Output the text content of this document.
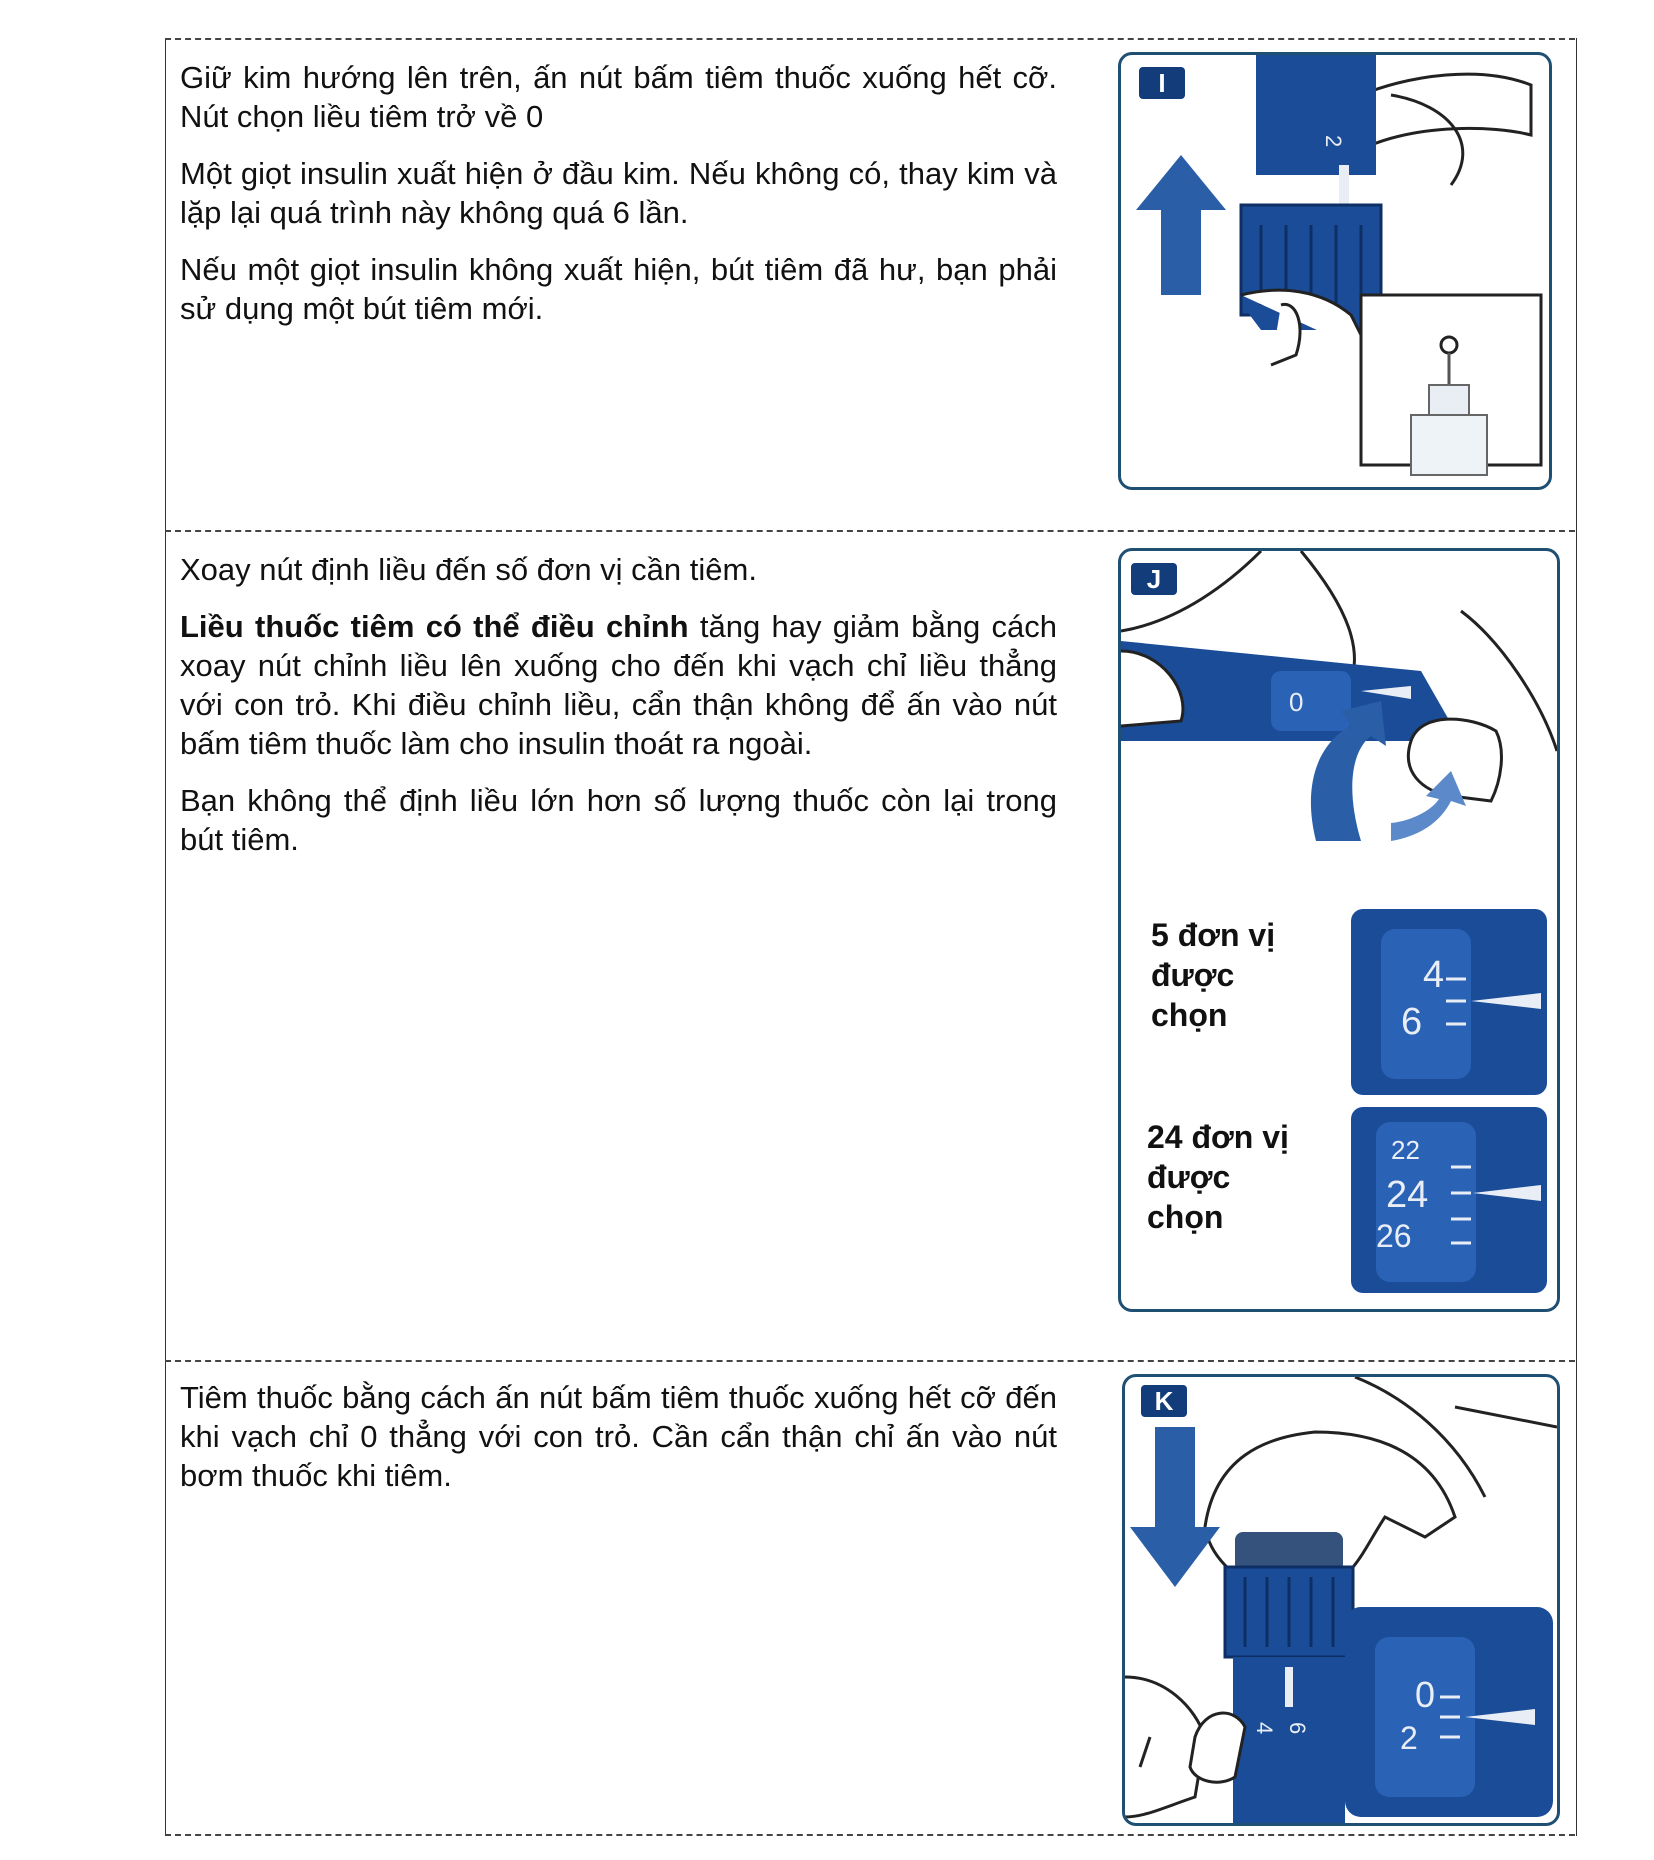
Giữ kim hướng lên trên, ấn nút bấm tiêm thuốc xuống hết cỡ. Nút chọn liều tiêm trở về 0

Một giọt insulin xuất hiện ở đầu kim. Nếu không có, thay kim và lặp lại quá trình này không quá 6 lần.

Nếu một giọt insulin không xuất hiện, bút tiêm đã hư, bạn phải sử dụng một bút tiêm mới.

I
2

Xoay nút định liều đến số đơn vị cần tiêm.

Liều thuốc tiêm có thể điều chỉnh tăng hay giảm bằng cách xoay nút chỉnh liều lên xuống cho đến khi vạch chỉ liều thẳng với con trỏ. Khi điều chỉnh liều, cẩn thận không để ấn vào nút bấm tiêm thuốc làm cho insulin thoát ra ngoài.

Bạn không thể định liều lớn hơn số lượng thuốc còn lại trong bút tiêm.

J
0
5 đơn vị
được
chọn
4
6
24 đơn vị
được
chọn
22
24
26

Tiêm thuốc bằng cách ấn nút bấm tiêm thuốc xuống hết cỡ đến khi vạch chỉ 0 thẳng với con trỏ. Cần cẩn thận chỉ ấn vào nút bơm thuốc khi tiêm.

K
4 6
0
2
